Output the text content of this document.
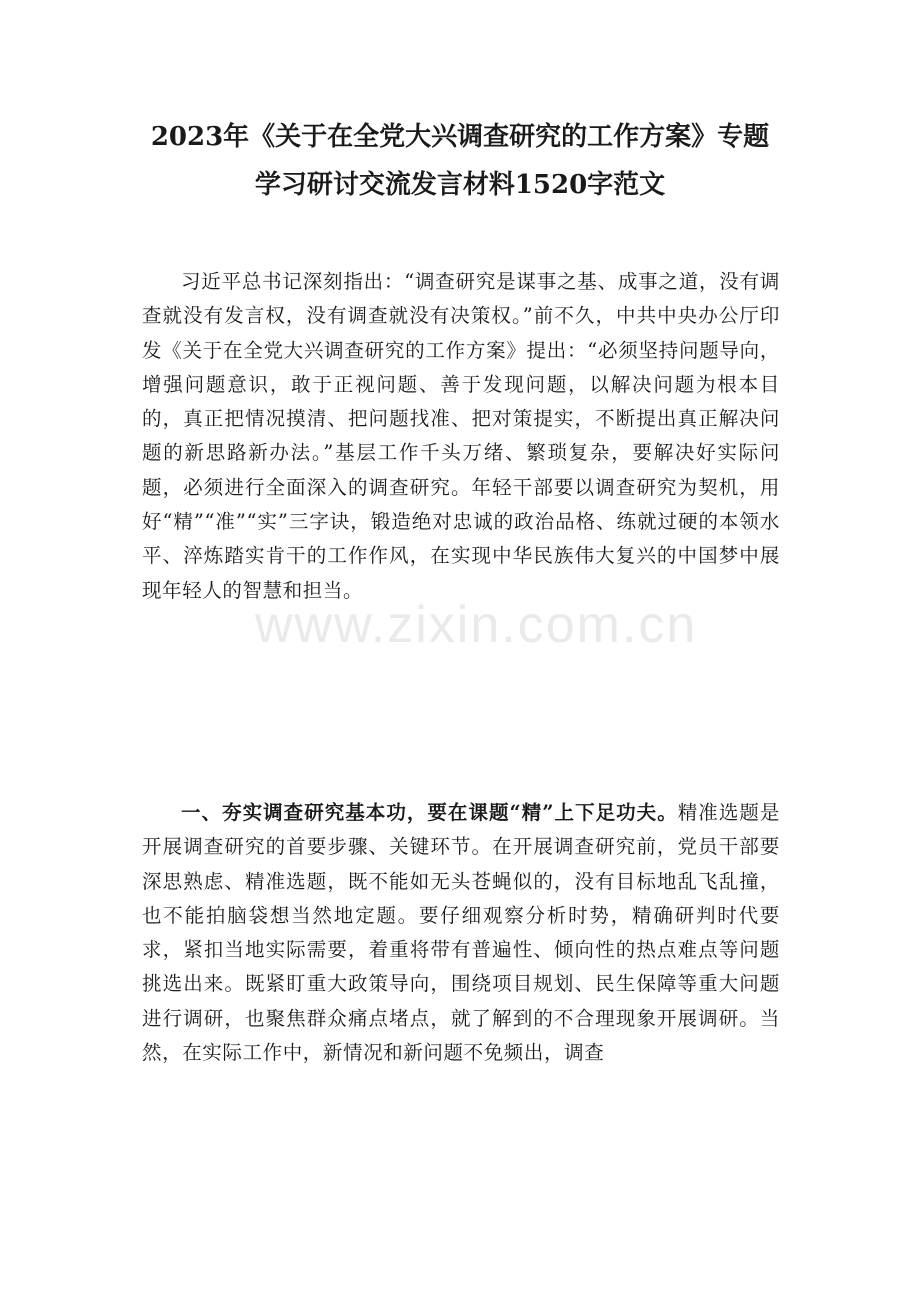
2023年《关于在全党大兴调查研究的工作方案》专题
学习研讨交流发言材料1520字范文
www.zixin.com.cn

习近平总书记深刻指出：“调查研究是谋事之基、成事之道，没有调查就没有发言权，没有调查就没有决策权。”前不久，中共中央办公厅印发《关于在全党大兴调查研究的工作方案》提出：“必须坚持问题导向，增强问题意识，敢于正视问题、善于发现问题，以解决问题为根本目的，真正把情况摸清、把问题找准、把对策提实，不断提出真正解决问题的新思路新办法。”基层工作千头万绪、繁琐复杂，要解决好实际问题，必须进行全面深入的调查研究。年轻干部要以调查研究为契机，用好“精”“准”“实”三字诀，锻造绝对忠诚的政治品格、练就过硬的本领水平、淬炼踏实肯干的工作作风，在实现中华民族伟大复兴的中国梦中展现年轻人的智慧和担当。

一、夯实调查研究基本功，要在课题“精”上下足功夫。精准选题是开展调查研究的首要步骤、关键环节。在开展调查研究前，党员干部要深思熟虑、精准选题，既不能如无头苍蝇似的，没有目标地乱飞乱撞，也不能拍脑袋想当然地定题。要仔细观察分析时势，精确研判时代要求，紧扣当地实际需要，着重将带有普遍性、倾向性的热点难点等问题挑选出来。既紧盯重大政策导向，围绕项目规划、民生保障等重大问题进行调研，也聚焦群众痛点堵点，就了解到的不合理现象开展调研。当然，在实际工作中，新情况和新问题不免频出，调查
